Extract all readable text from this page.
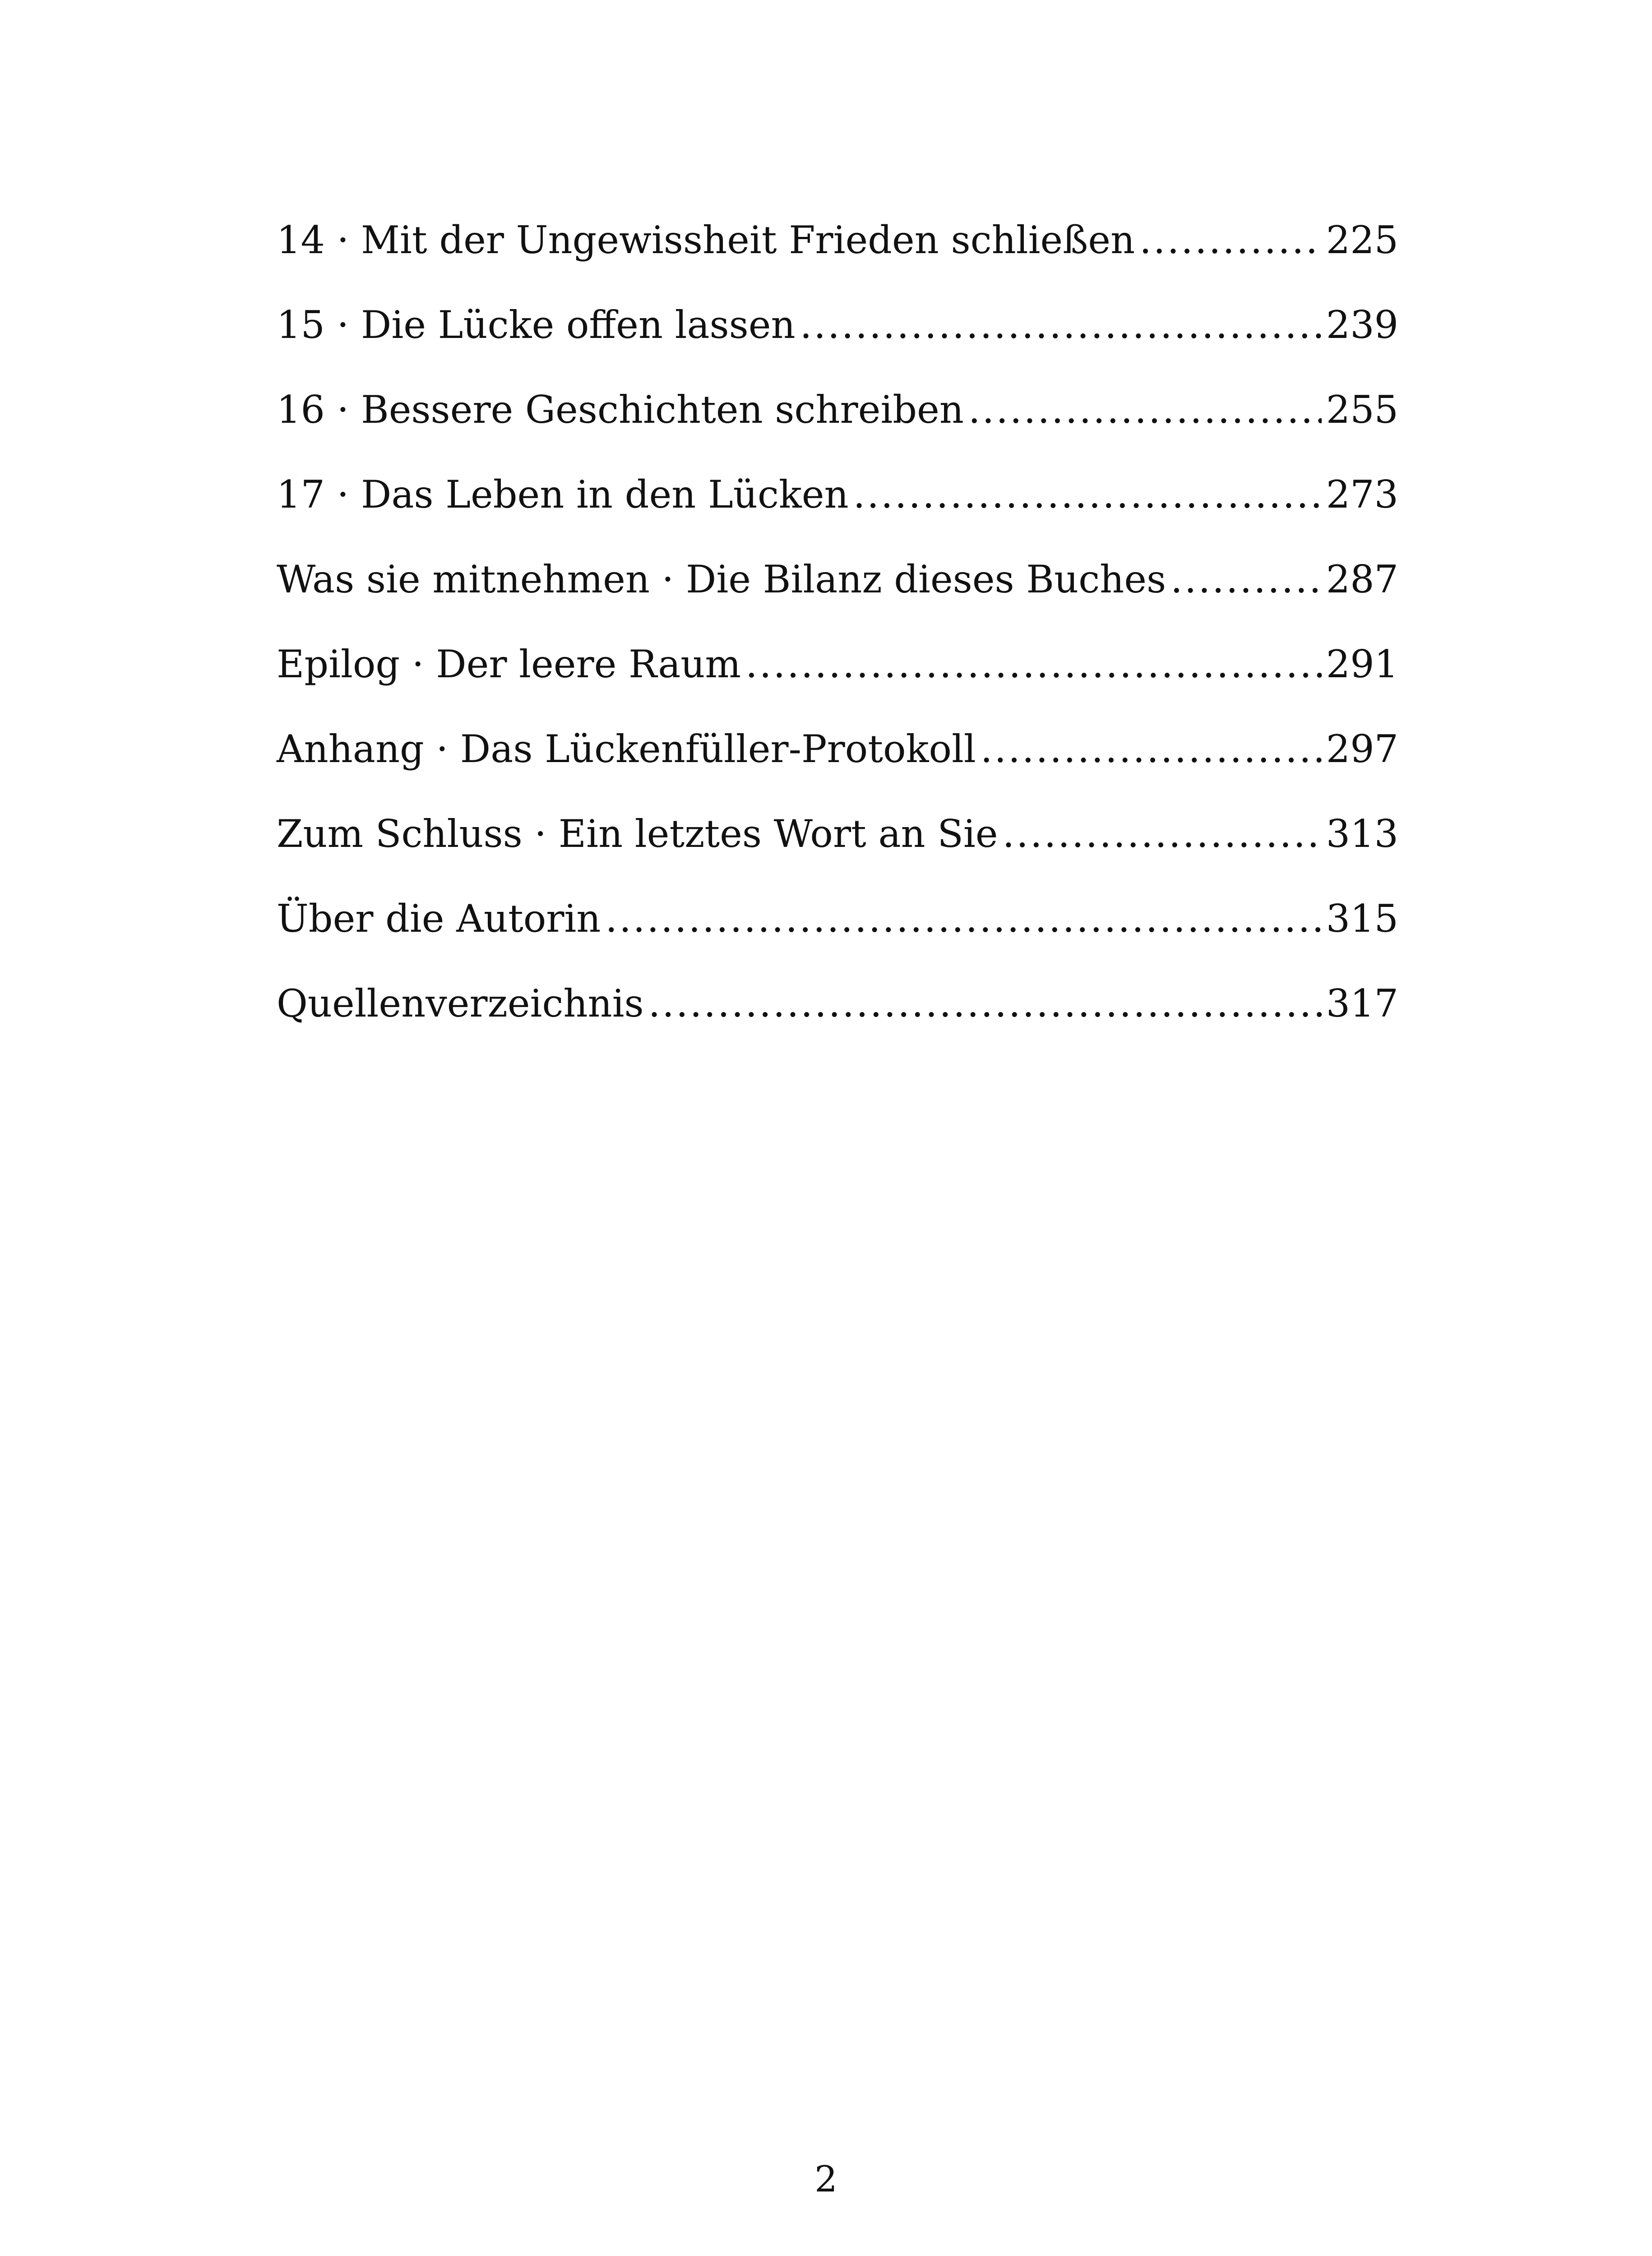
14 · Mit der Ungewissheit Frieden schließen .....	225
15 · Die Lücke offen lassen .....	239
16 · Bessere Geschichten schreiben .....	255
17 · Das Leben in den Lücken .....	273
Was sie mitnehmen · Die Bilanz dieses Buches .....	287
Epilog · Der leere Raum .....	291
Anhang · Das Lückenfüller-Protokoll .....	297
Zum Schluss · Ein letztes Wort an Sie .....	313
Über die Autorin .....	315
Quellenverzeichnis .....	317
2
